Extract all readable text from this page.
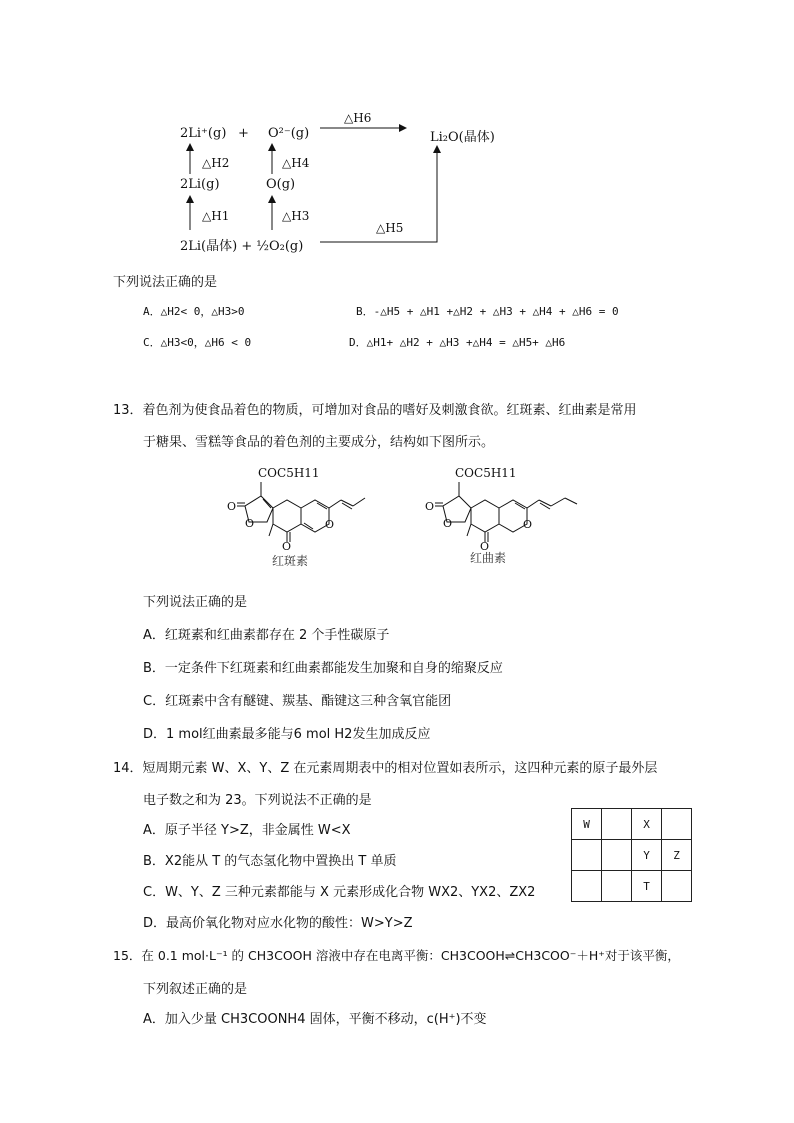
2Li⁺(g) + O²⁻(g)
△H6
Li₂O(晶体)
△H2	△H4
2Li(g)	O(g)
△H1	△H3
△H5
2Li(晶体) + ½O₂(g)
下列说法正确的是
A．△H2< 0，△H3>0	B．-△H5 + △H1 +△H2 + △H3 + △H4 + △H6 = 0
C．△H3<0，△H6 < 0	D．△H1+ △H2 + △H3 +△H4 = △H5+ △H6
13．着色剂为使食品着色的物质，可增加对食品的嗜好及刺激食欲。红斑素、红曲素是常用
于糖果、雪糕等食品的着色剂的主要成分，结构如下图所示。
COC5H11
O
O
O
O
红斑素
COC5H11
O
O
O
O
红曲素
下列说法正确的是
A．红斑素和红曲素都存在 2 个手性碳原子
B．一定条件下红斑素和红曲素都能发生加聚和自身的缩聚反应
C．红斑素中含有醚键、羰基、酯键这三种含氧官能团
D．1 mol红曲素最多能与6 mol H2发生加成反应
14．短周期元素 W、X、Y、Z 在元素周期表中的相对位置如表所示，这四种元素的原子最外层
电子数之和为 23。下列说法不正确的是
A．原子半径 Y>Z，非金属性 W<X
B．X2能从 T 的气态氢化物中置换出 T 单质
C．W、Y、Z 三种元素都能与 X 元素形成化合物 WX2、YX2、ZX2
D．最高价氧化物对应水化物的酸性：W>Y>Z
W		X	
		Y	Z
		T	
15．在 0.1 mol·L⁻¹ 的 CH3COOH 溶液中存在电离平衡：CH3COOH⇌CH3COO⁻＋H⁺对于该平衡，
下列叙述正确的是
A．加入少量 CH3COONH4 固体，平衡不移动，c(H⁺)不变
